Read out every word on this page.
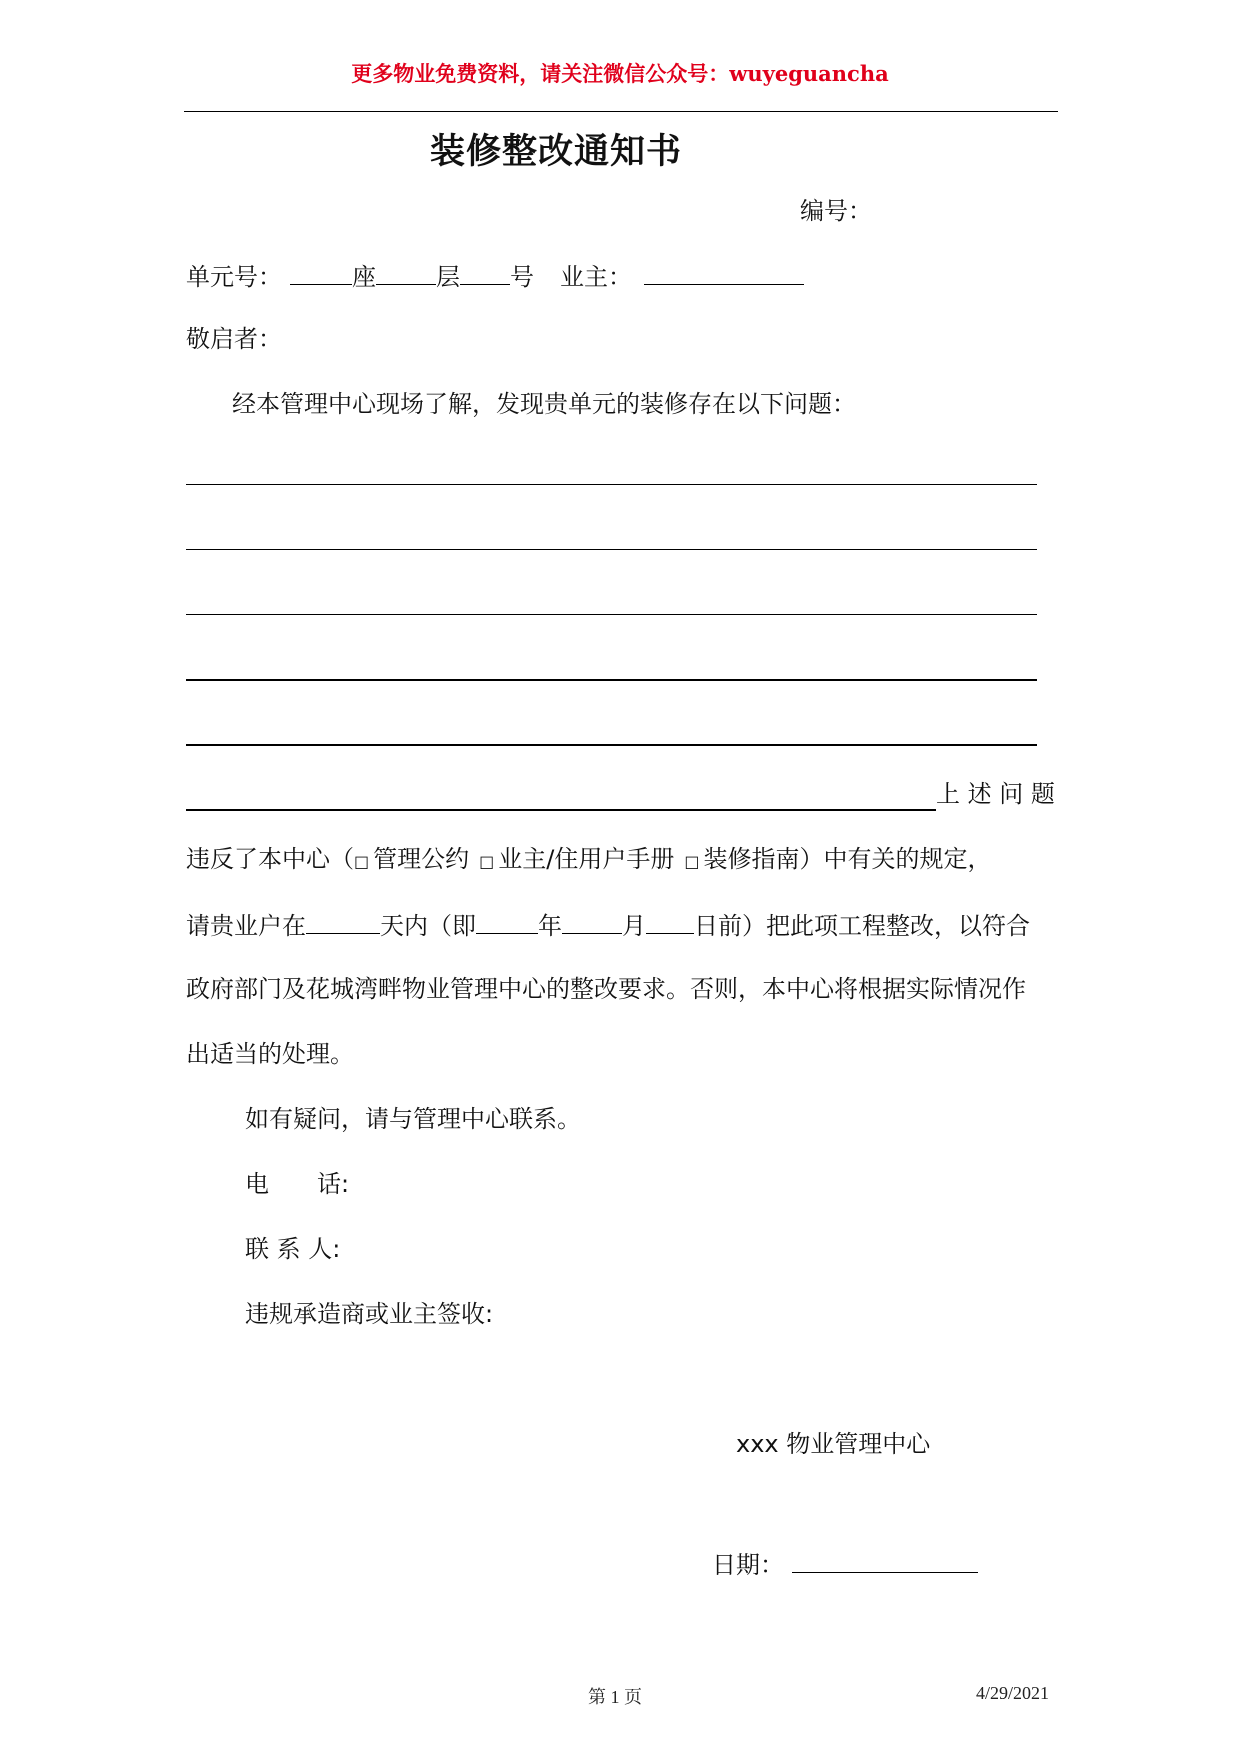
更多物业免费资料，请关注微信公众号：wuyeguancha
装修整改通知书
编号：
单元号：	座	层 号 业主：
敬启者：
经本管理中心现场了解，发现贵单元的装修存在以下问题：
上 述 问 题
违反了本中心（□ 管理公约 □ 业主/住用户手册 □ 装修指南）中有关的规定，
请贵业户在	天内（即	年	月 日前）把此项工程整改，以符合
政府部门及花城湾畔物业管理中心的整改要求。否则，本中心将根据实际情况作
出适当的处理。
如有疑问，请与管理中心联系。
电　　话:
联 系 人:
违规承造商或业主签收:
xxx 物业管理中心
日期：
第 1 页	4/29/2021
